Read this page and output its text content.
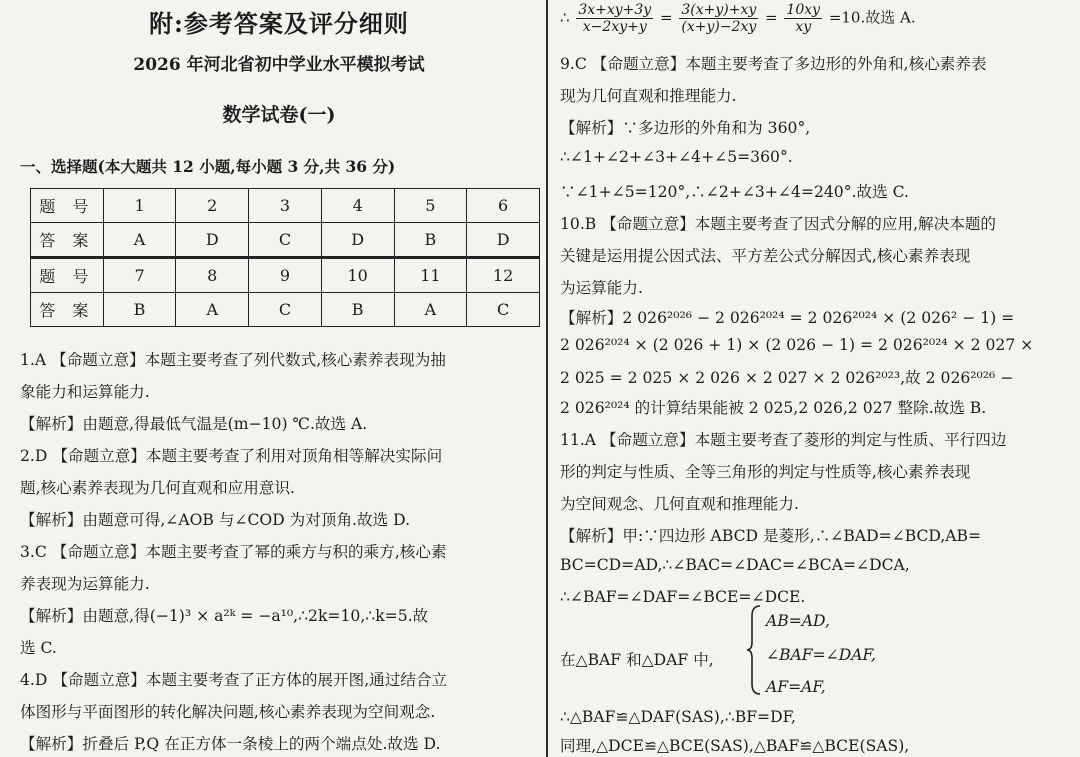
附:参考答案及评分细则
2026 年河北省初中学业水平模拟考试
数学试卷(一)
一、选择题(本大题共 12 小题,每小题 3 分,共 36 分)
题 号	1	2	3	4	5	6
答 案	A	D	C	D	B	D
题 号	7	8	9	10	11	12
答 案	B	A	C	B	A	C
1.A 【命题立意】本题主要考查了列代数式,核心素养表现为抽
象能力和运算能力.
【解析】由题意,得最低气温是(m−10) ℃.故选 A.
2.D 【命题立意】本题主要考查了利用对顶角相等解决实际问
题,核心素养表现为几何直观和应用意识.
【解析】由题意可得,∠AOB 与∠COD 为对顶角.故选 D.
3.C 【命题立意】本题主要考查了幂的乘方与积的乘方,核心素
养表现为运算能力.
【解析】由题意,得(−1)³ × a²ᵏ = −a¹⁰,∴2k=10,∴k=5.故
选 C.
4.D 【命题立意】本题主要考查了正方体的展开图,通过结合立
体图形与平面图形的转化解决问题,核心素养表现为空间观念.
【解析】折叠后 P,Q 在正方体一条棱上的两个端点处.故选 D.
∴ $\frac{3x+xy+3y}{x-2xy+y} = \frac{3(x+y)+xy}{(x+y)-2xy} = \frac{10xy}{xy} =10$.故选 A.
9.C 【命题立意】本题主要考查了多边形的外角和,核心素养表
现为几何直观和推理能力.
【解析】∵多边形的外角和为 360°,
∴∠1+∠2+∠3+∠4+∠5=360°.
∵∠1+∠5=120°,∴∠2+∠3+∠4=240°.故选 C.
10.B 【命题立意】本题主要考查了因式分解的应用,解决本题的
关键是运用提公因式法、平方差公式分解因式,核心素养表现
为运算能力.
【解析】2 026²⁰²⁶ − 2 026²⁰²⁴ = 2 026²⁰²⁴ × (2 026² − 1) =
2 026²⁰²⁴ × (2 026 + 1) × (2 026 − 1) = 2 026²⁰²⁴ × 2 027 ×
2 025 = 2 025 × 2 026 × 2 027 × 2 026²⁰²³,故 2 026²⁰²⁶ −
2 026²⁰²⁴ 的计算结果能被 2 025,2 026,2 027 整除.故选 B.
11.A 【命题立意】本题主要考查了菱形的判定与性质、平行四边
形的判定与性质、全等三角形的判定与性质等,核心素养表现
为空间观念、几何直观和推理能力.
【解析】甲:∵四边形 ABCD 是菱形,∴∠BAD=∠BCD,AB=
BC=CD=AD,∴∠BAC=∠DAC=∠BCA=∠DCA,
∴∠BAF=∠DAF=∠BCE=∠DCE.
在△BAF 和△DAF 中,
AB=AD,
∠BAF=∠DAF,
AF=AF,
∴△BAF≌△DAF(SAS),∴BF=DF,
同理,△DCE≌△BCE(SAS),△BAF≌△BCE(SAS),
